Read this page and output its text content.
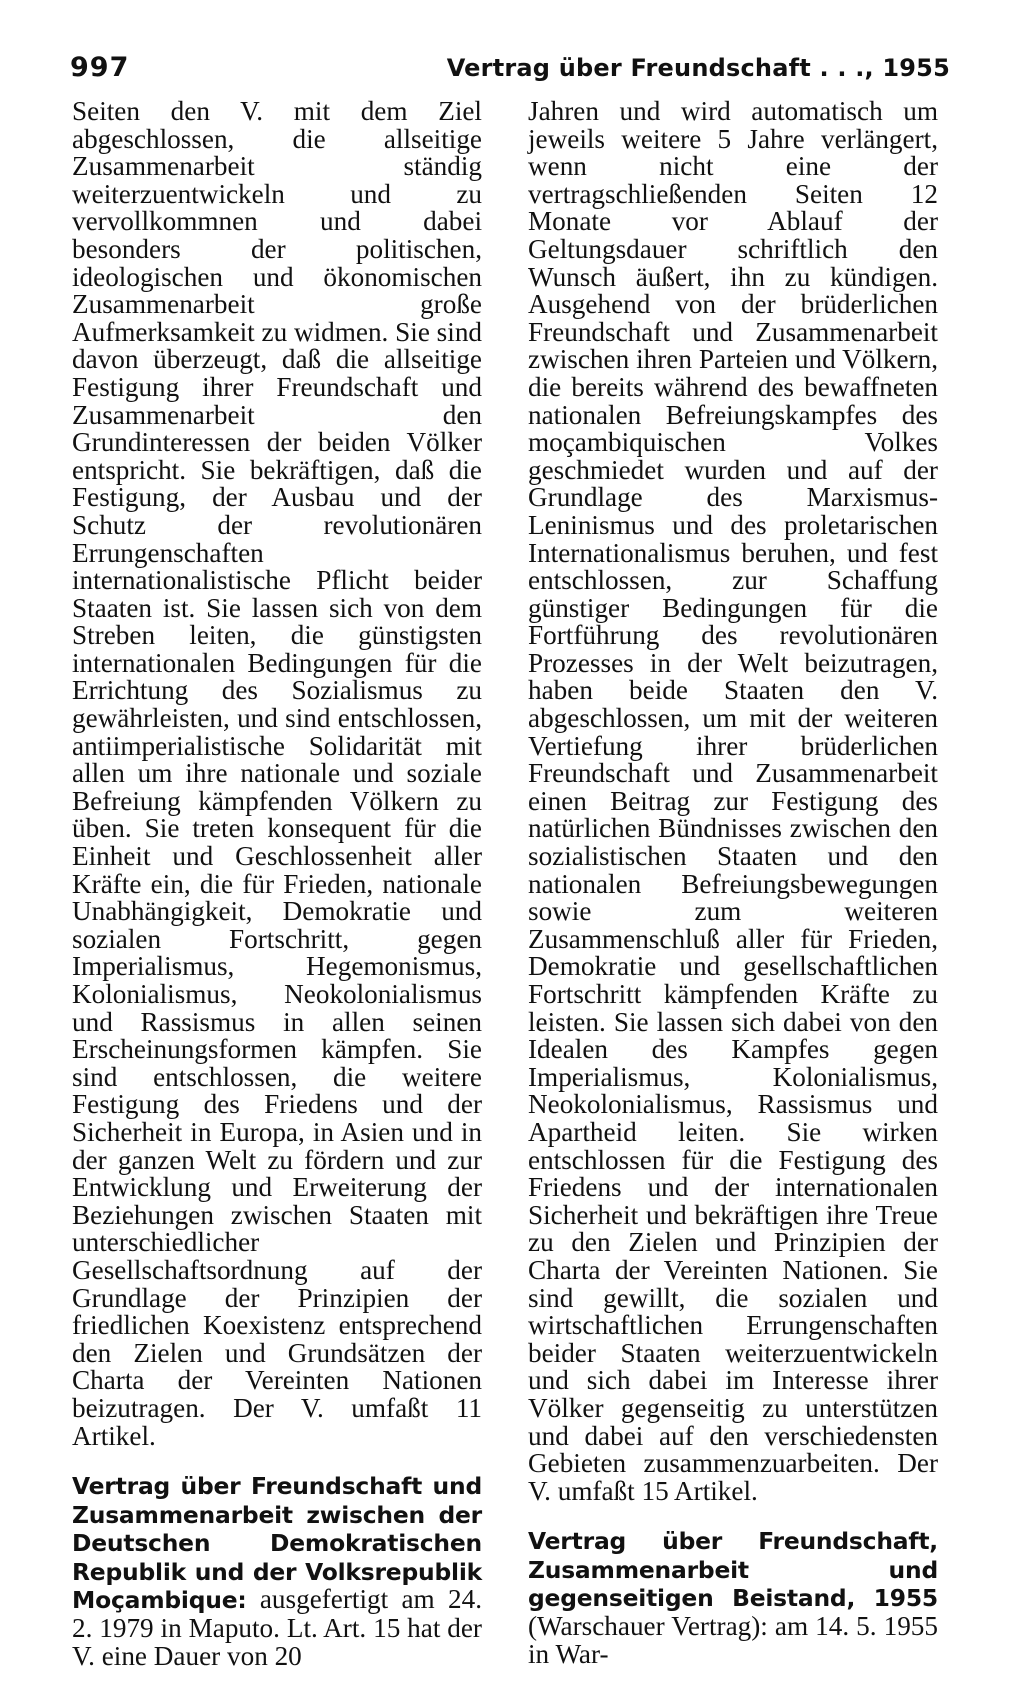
997	Vertrag über Freundschaft . . ., 1955

Seiten den V. mit dem Ziel abgeschlossen, die allseitige Zusammenarbeit ständig weiterzuentwickeln und zu vervollkommnen und dabei besonders der politischen, ideologischen und ökonomischen Zusammenarbeit große Aufmerksamkeit zu widmen. Sie sind davon überzeugt, daß die allseitige Festigung ihrer Freundschaft und Zusammenarbeit den Grundinteressen der beiden Völker entspricht. Sie bekräftigen, daß die Festigung, der Ausbau und der Schutz der revolutionären Errungenschaften internationalistische Pflicht beider Staaten ist. Sie lassen sich von dem Streben leiten, die günstigsten internationalen Bedingungen für die Errichtung des Sozialismus zu gewährleisten, und sind entschlossen, antiimperialistische Solidarität mit allen um ihre nationale und soziale Befreiung kämpfenden Völkern zu üben. Sie treten konsequent für die Einheit und Geschlossenheit aller Kräfte ein, die für Frieden, nationale Unabhängigkeit, Demokratie und sozialen Fortschritt, gegen Imperialismus, Hegemonismus, Kolonialismus, Neokolonialismus und Rassismus in allen seinen Erscheinungsformen kämpfen. Sie sind entschlossen, die weitere Festigung des Friedens und der Sicherheit in Europa, in Asien und in der ganzen Welt zu fördern und zur Entwicklung und Erweiterung der Beziehungen zwischen Staaten mit unterschiedlicher Gesellschaftsordnung auf der Grundlage der Prinzipien der friedlichen Koexistenz entsprechend den Zielen und Grundsätzen der Charta der Vereinten Nationen beizutragen. Der V. umfaßt 11 Artikel.

Vertrag über Freundschaft und Zusammenarbeit zwischen der Deutschen Demokratischen Republik und der Volksrepublik Moçambique: ausgefertigt am 24. 2. 1979 in Maputo. Lt. Art. 15 hat der V. eine Dauer von 20

Jahren und wird automatisch um jeweils weitere 5 Jahre verlängert, wenn nicht eine der vertragschließenden Seiten 12 Monate vor Ablauf der Geltungsdauer schriftlich den Wunsch äußert, ihn zu kündigen. Ausgehend von der brüderlichen Freundschaft und Zusammenarbeit zwischen ihren Parteien und Völkern, die bereits während des bewaffneten nationalen Befreiungskampfes des moçambiquischen Volkes geschmiedet wurden und auf der Grundlage des Marxismus-Leninismus und des proletarischen Internationalismus beruhen, und fest entschlossen, zur Schaffung günstiger Bedingungen für die Fortführung des revolutionären Prozesses in der Welt beizutragen, haben beide Staaten den V. abgeschlossen, um mit der weiteren Vertiefung ihrer brüderlichen Freundschaft und Zusammenarbeit einen Beitrag zur Festigung des natürlichen Bündnisses zwischen den sozialistischen Staaten und den nationalen Befreiungsbewegungen sowie zum weiteren Zusammenschluß aller für Frieden, Demokratie und gesellschaftlichen Fortschritt kämpfenden Kräfte zu leisten. Sie lassen sich dabei von den Idealen des Kampfes gegen Imperialismus, Kolonialismus, Neokolonialismus, Rassismus und Apartheid leiten. Sie wirken entschlossen für die Festigung des Friedens und der internationalen Sicherheit und bekräftigen ihre Treue zu den Zielen und Prinzipien der Charta der Vereinten Nationen. Sie sind gewillt, die sozialen und wirtschaftlichen Errungenschaften beider Staaten weiterzuentwickeln und sich dabei im Interesse ihrer Völker gegenseitig zu unterstützen und dabei auf den verschiedensten Gebieten zusammenzuarbeiten. Der V. umfaßt 15 Artikel.

Vertrag über Freundschaft, Zusammenarbeit und gegenseitigen Beistand, 1955 (Warschauer Vertrag): am 14. 5. 1955 in War-
